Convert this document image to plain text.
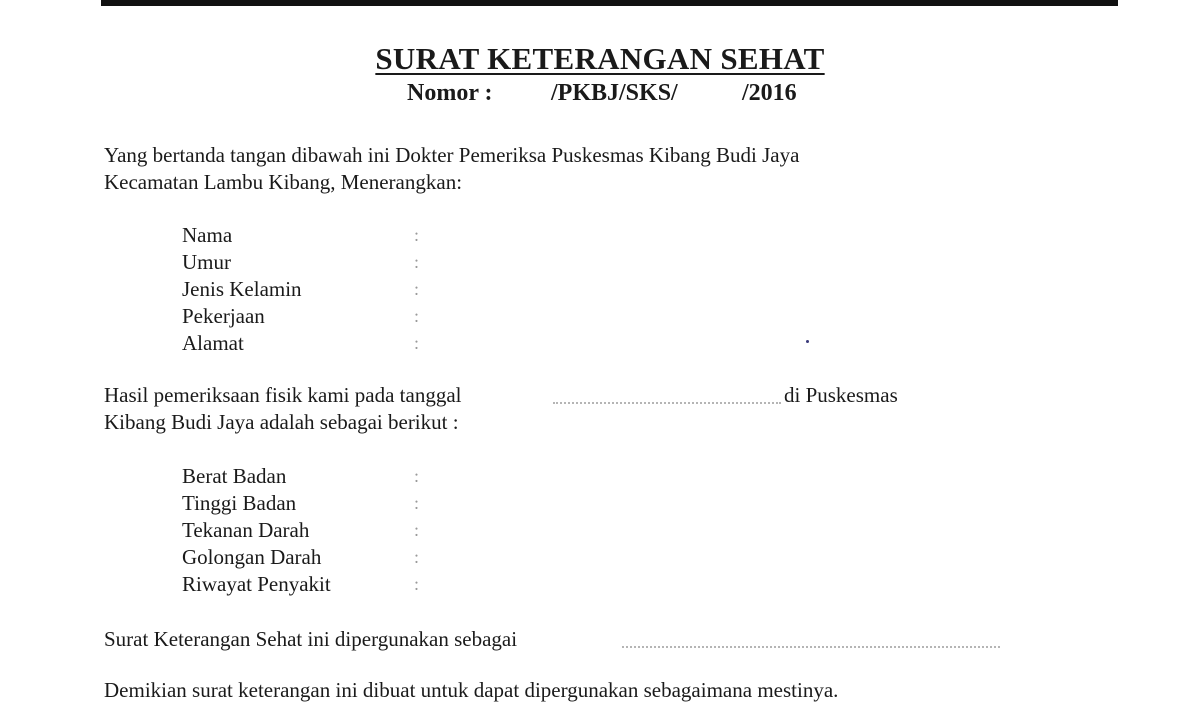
SURAT KETERANGAN SEHAT
Nomor : /PKBJ/SKS/	/2016
Yang bertanda tangan dibawah ini Dokter Pemeriksa Puskesmas Kibang Budi Jaya
Kecamatan Lambu Kibang, Menerangkan:
Nama
Umur
Jenis Kelamin
Pekerjaan
Alamat
:
:
:
:
:
Hasil pemeriksaan fisik kami pada tanggal	di Puskesmas
Kibang Budi Jaya adalah sebagai berikut :
Berat Badan
Tinggi Badan
Tekanan Darah
Golongan Darah
Riwayat Penyakit
:
:
:
:
:
Surat Keterangan Sehat ini dipergunakan sebagai
Demikian surat keterangan ini dibuat untuk dapat dipergunakan sebagaimana mestinya.
